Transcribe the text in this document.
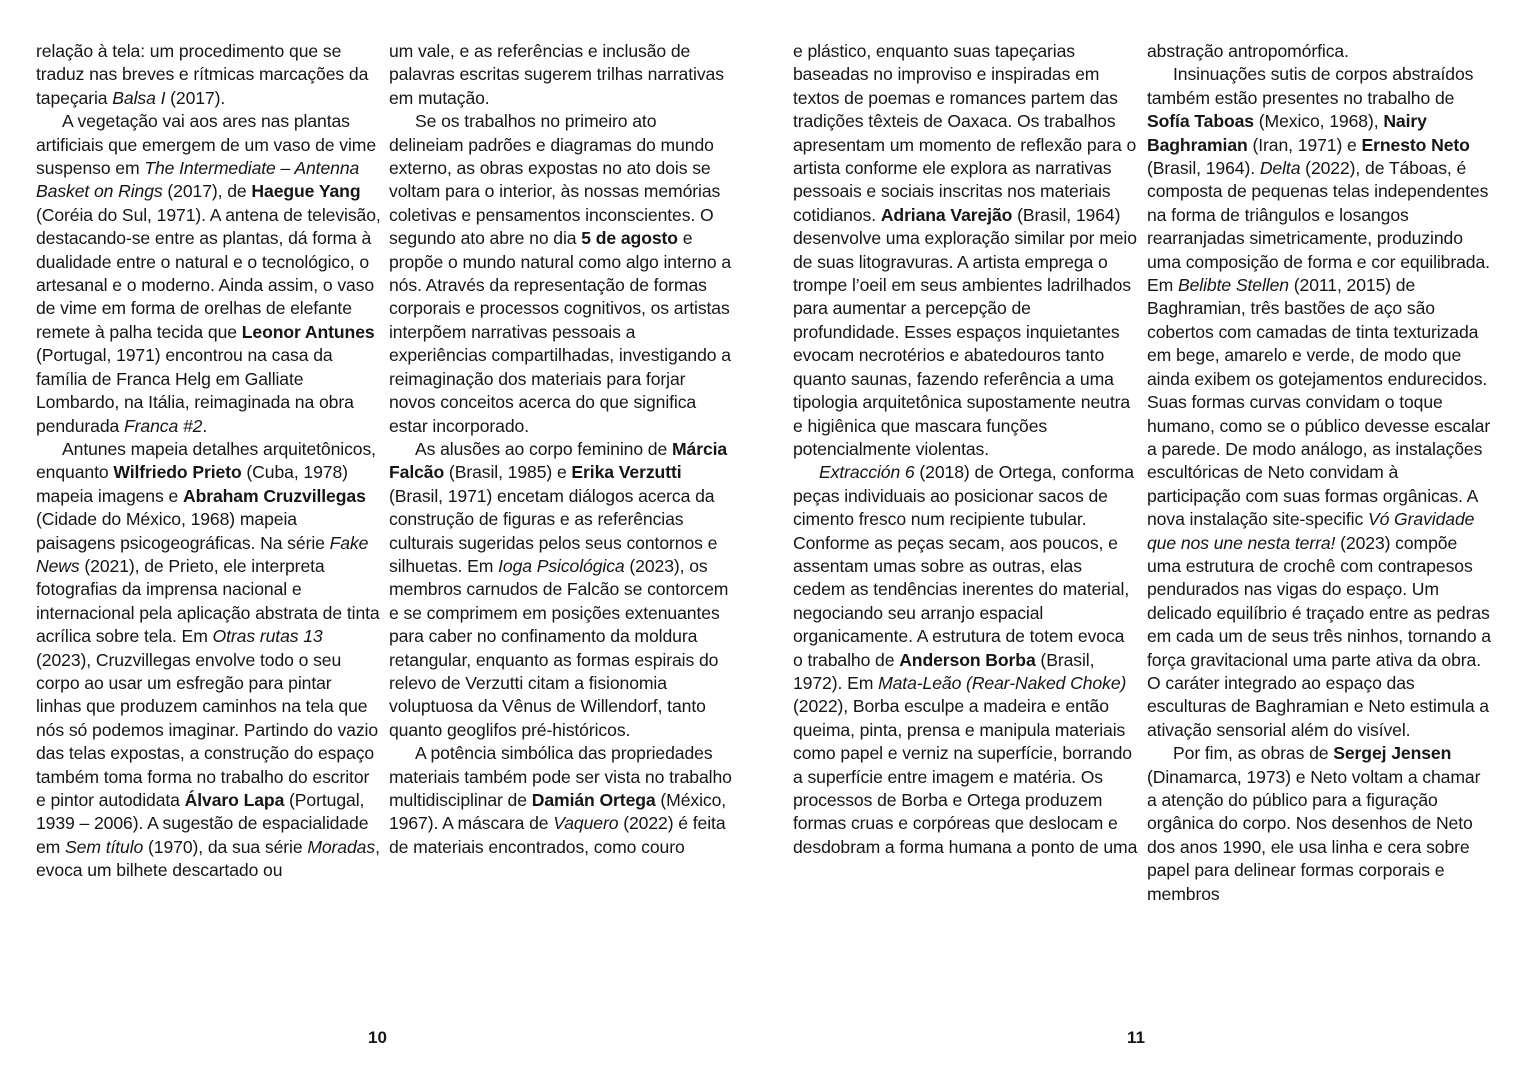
relação à tela: um procedimento que se traduz nas breves e rítmicas marcações da tapeçaria Balsa I (2017).

A vegetação vai aos ares nas plantas artificiais que emergem de um vaso de vime suspenso em The Intermediate – Antenna Basket on Rings (2017), de Haegue Yang (Coréia do Sul, 1971). A antena de televisão, destacando-se entre as plantas, dá forma à dualidade entre o natural e o tecnológico, o artesanal e o moderno. Ainda assim, o vaso de vime em forma de orelhas de elefante remete à palha tecida que Leonor Antunes (Portugal, 1971) encontrou na casa da família de Franca Helg em Galliate Lombardo, na Itália, reimaginada na obra pendurada Franca #2.

Antunes mapeia detalhes arquitetônicos, enquanto Wilfriedo Prieto (Cuba, 1978) mapeia imagens e Abraham Cruzvillegas (Cidade do México, 1968) mapeia paisagens psicogeográficas. Na série Fake News (2021), de Prieto, ele interpreta fotografias da imprensa nacional e internacional pela aplicação abstrata de tinta acrílica sobre tela. Em Otras rutas 13 (2023), Cruzvillegas envolve todo o seu corpo ao usar um esfregão para pintar linhas que produzem caminhos na tela que nós só podemos imaginar. Partindo do vazio das telas expostas, a construção do espaço também toma forma no trabalho do escritor e pintor autodidata Álvaro Lapa (Portugal, 1939 – 2006). A sugestão de espacialidade em Sem título (1970), da sua série Moradas, evoca um bilhete descartado ou

um vale, e as referências e inclusão de palavras escritas sugerem trilhas narrativas em mutação.

Se os trabalhos no primeiro ato delineiam padrões e diagramas do mundo externo, as obras expostas no ato dois se voltam para o interior, às nossas memórias coletivas e pensamentos inconscientes. O segundo ato abre no dia 5 de agosto e propõe o mundo natural como algo interno a nós. Através da representação de formas corporais e processos cognitivos, os artistas interpõem narrativas pessoais a experiências compartilhadas, investigando a reimaginação dos materiais para forjar novos conceitos acerca do que significa estar incorporado.

As alusões ao corpo feminino de Márcia Falcão (Brasil, 1985) e Erika Verzutti (Brasil, 1971) encetam diálogos acerca da construção de figuras e as referências culturais sugeridas pelos seus contornos e silhuetas. Em Ioga Psicológica (2023), os membros carnudos de Falcão se contorcem e se comprimem em posições extenuantes para caber no confinamento da moldura retangular, enquanto as formas espirais do relevo de Verzutti citam a fisionomia voluptuosa da Vênus de Willendorf, tanto quanto geoglifos pré-históricos.

A potência simbólica das propriedades materiais também pode ser vista no trabalho multidisciplinar de Damián Ortega (México, 1967). A máscara de Vaquero (2022) é feita de materiais encontrados, como couro

e plástico, enquanto suas tapeçarias baseadas no improviso e inspiradas em textos de poemas e romances partem das tradições têxteis de Oaxaca. Os trabalhos apresentam um momento de reflexão para o artista conforme ele explora as narrativas pessoais e sociais inscritas nos materiais cotidianos. Adriana Varejão (Brasil, 1964) desenvolve uma exploração similar por meio de suas litogravuras. A artista emprega o trompe l’oeil em seus ambientes ladrilhados para aumentar a percepção de profundidade. Esses espaços inquietantes evocam necrotérios e abatedouros tanto quanto saunas, fazendo referência a uma tipologia arquitetônica supostamente neutra e higiênica que mascara funções potencialmente violentas.

Extracción 6 (2018) de Ortega, conforma peças individuais ao posicionar sacos de cimento fresco num recipiente tubular. Conforme as peças secam, aos poucos, e assentam umas sobre as outras, elas cedem as tendências inerentes do material, negociando seu arranjo espacial organicamente. A estrutura de totem evoca o trabalho de Anderson Borba (Brasil, 1972). Em Mata-Leão (Rear-Naked Choke) (2022), Borba esculpe a madeira e então queima, pinta, prensa e manipula materiais como papel e verniz na superfície, borrando a superfície entre imagem e matéria. Os processos de Borba e Ortega produzem formas cruas e corpóreas que deslocam e desdobram a forma humana a ponto de uma

abstração antropomórfica.

Insinuações sutis de corpos abstraídos também estão presentes no trabalho de Sofía Taboas (Mexico, 1968), Nairy Baghramian (Iran, 1971) e Ernesto Neto (Brasil, 1964). Delta (2022), de Táboas, é composta de pequenas telas independentes na forma de triângulos e losangos rearranjadas simetricamente, produzindo uma composição de forma e cor equilibrada. Em Belibte Stellen (2011, 2015) de Baghramian, três bastões de aço são cobertos com camadas de tinta texturizada em bege, amarelo e verde, de modo que ainda exibem os gotejamentos endurecidos. Suas formas curvas convidam o toque humano, como se o público devesse escalar a parede. De modo análogo, as instalações escultóricas de Neto convidam à participação com suas formas orgânicas. A nova instalação site-specific Vó Gravidade que nos une nesta terra! (2023) compõe uma estrutura de crochê com contrapesos pendurados nas vigas do espaço. Um delicado equilíbrio é traçado entre as pedras em cada um de seus três ninhos, tornando a força gravitacional uma parte ativa da obra. O caráter integrado ao espaço das esculturas de Baghramian e Neto estimula a ativação sensorial além do visível.

Por fim, as obras de Sergej Jensen (Dinamarca, 1973) e Neto voltam a chamar a atenção do público para a figuração orgânica do corpo. Nos desenhos de Neto dos anos 1990, ele usa linha e cera sobre papel para delinear formas corporais e membros

10	11
